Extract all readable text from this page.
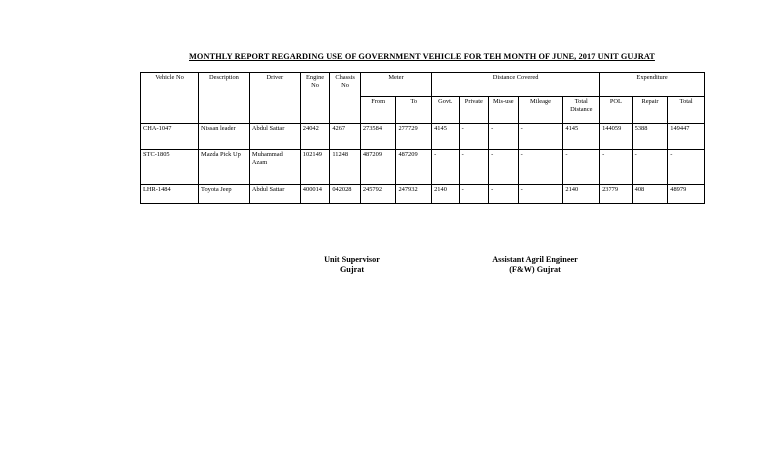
MONTHLY REPORT REGARDING USE OF GOVERNMENT VEHICLE FOR TEH MONTH OF JUNE, 2017 UNIT GUJRAT
Vehicle No	Description	Driver	Engine No	Chassis No	Meter		Distance Covered					Expenditure		
					From	To	Govt.	Private	Mis-use	Mileage	Total Distance	POL	Repair	Total
CHA-1047	Nissan leader	Abdul Sattar	24042	4267	273584	277729	4145	-	-	-	4145	144059	5388	149447
STC-1805	Mazda Pick Up	Muhammad Azam	102149	11248	487209	487209	-	-	-	-	-	-	-	-
LHR-1484	Toyota Jeep	Abdul Sattar	400014	042028	245792	247932	2140	-	-	-	2140	23779	408	48979
Unit Supervisor
Gujrat
Assistant Agril Engineer
(F&W) Gujrat
